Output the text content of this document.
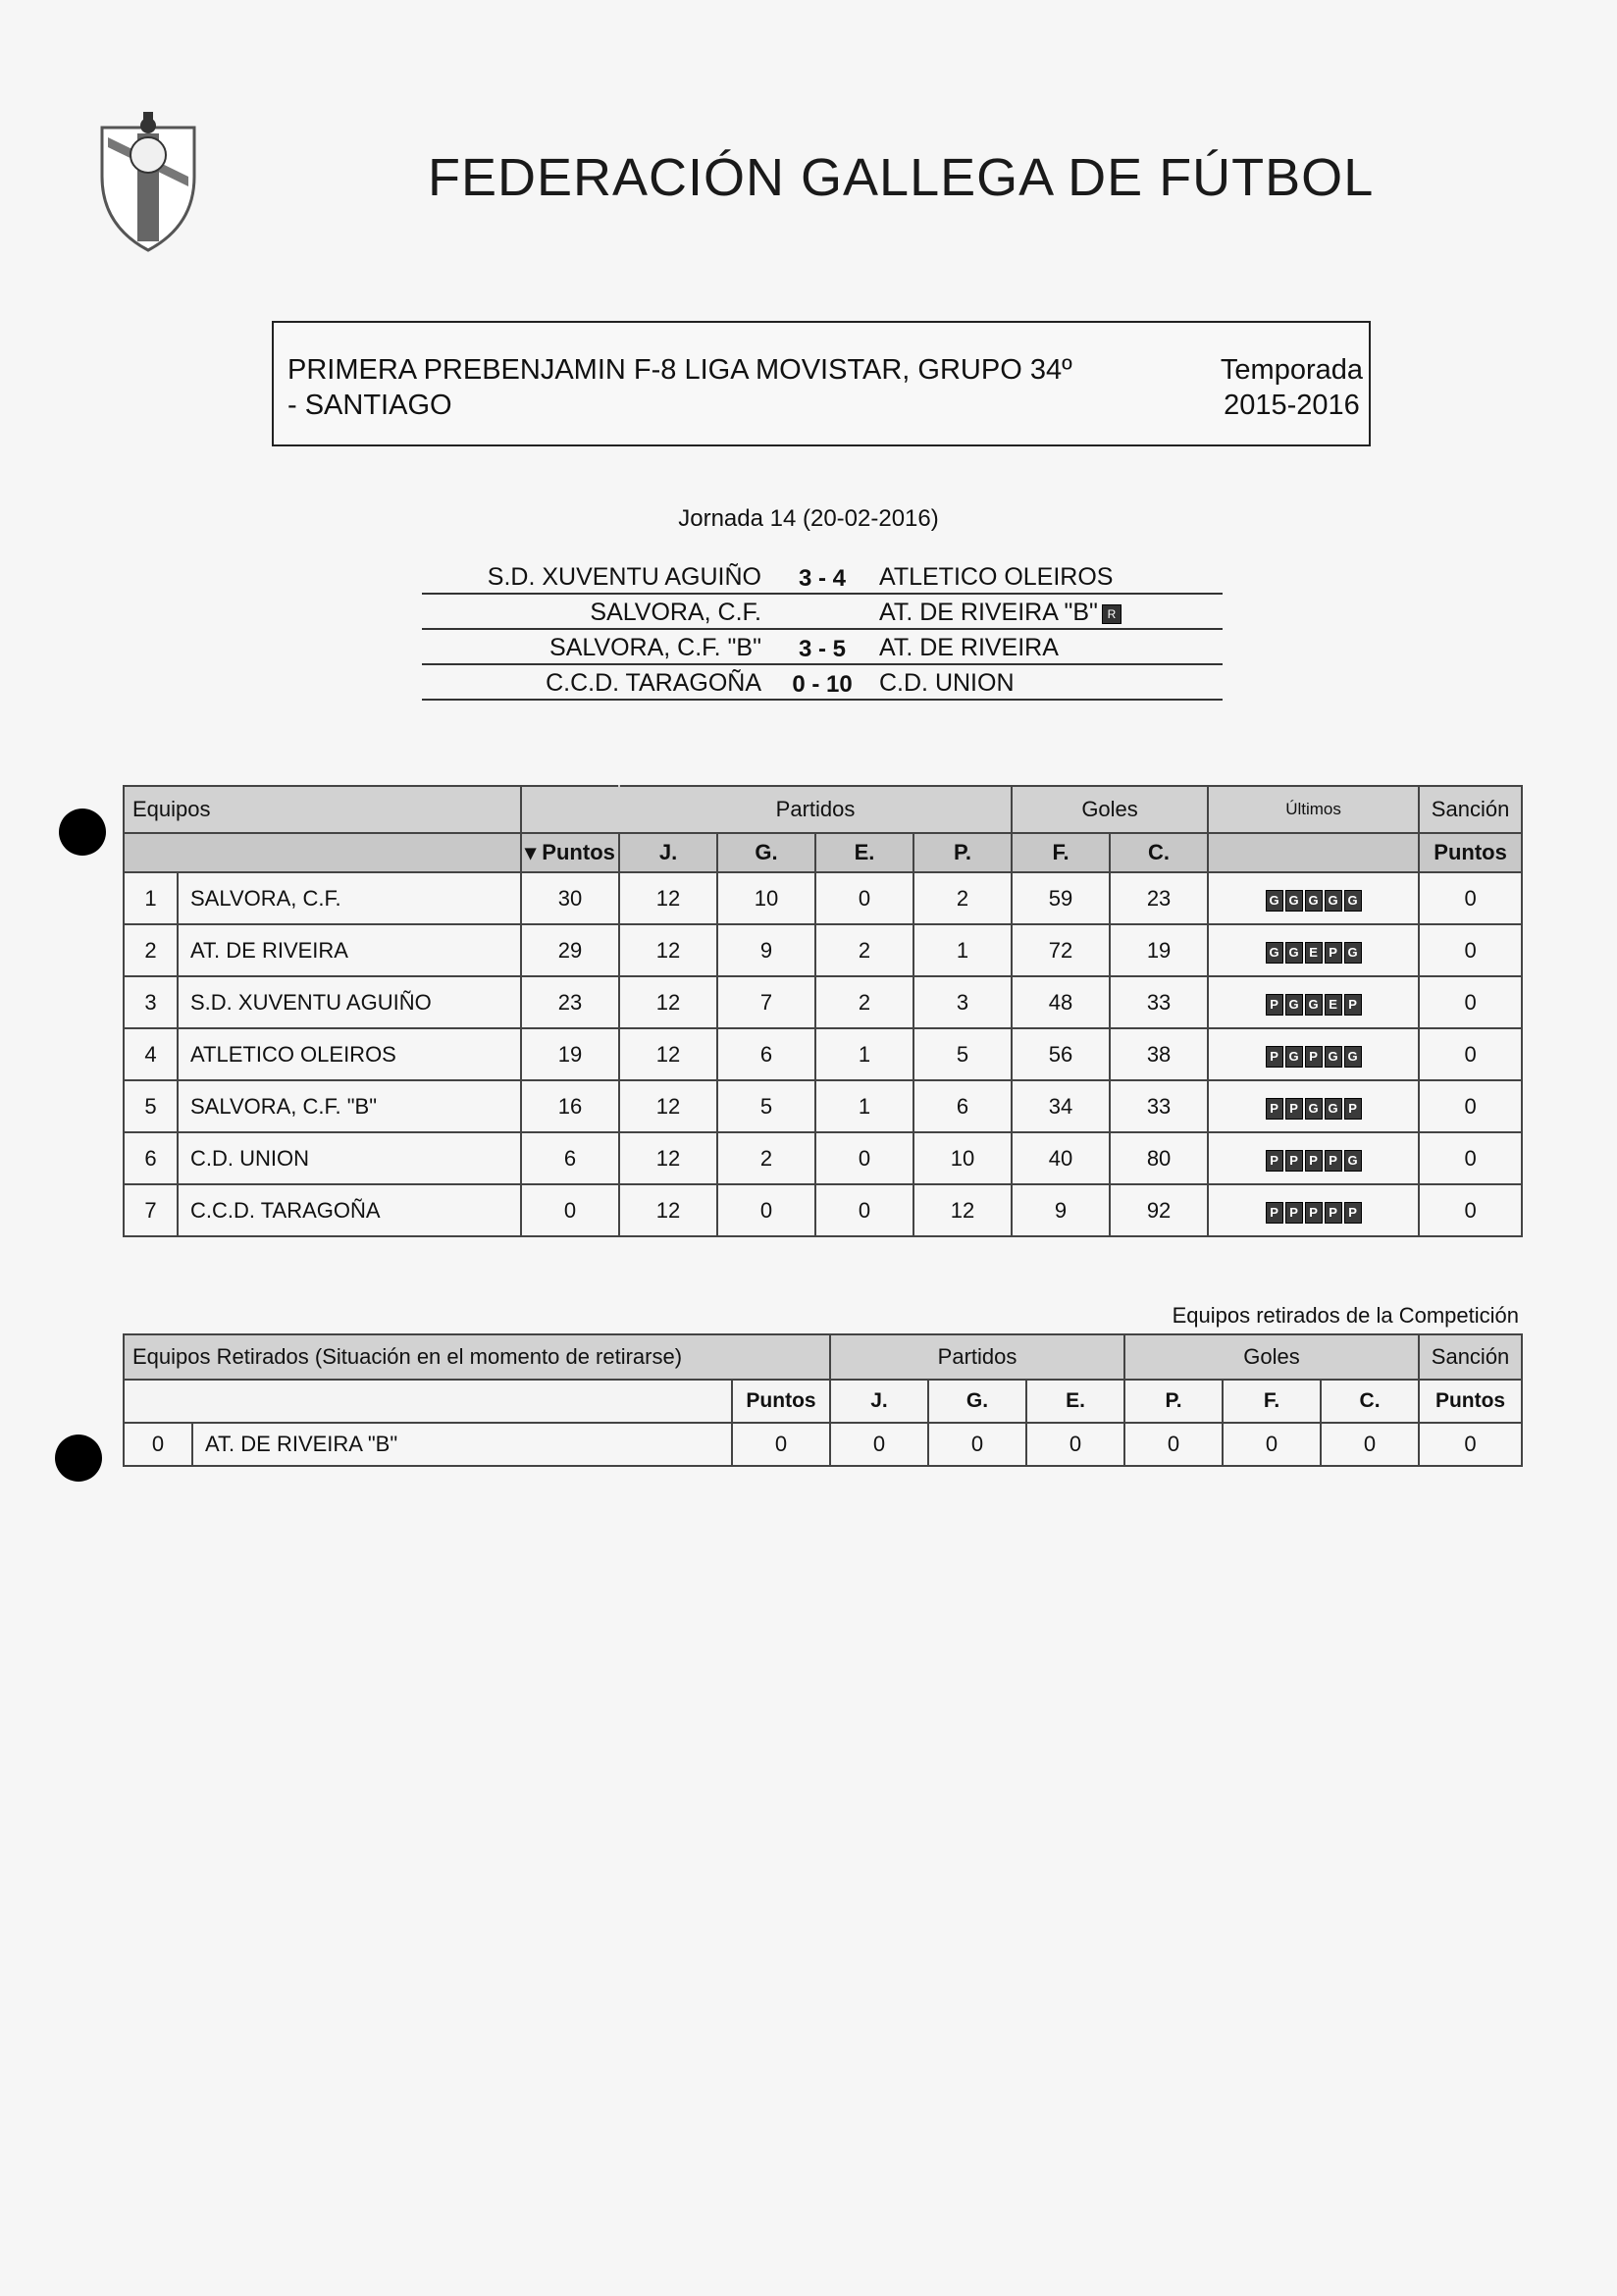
FEDERACIÓN GALLEGA DE FÚTBOL
PRIMERA PREBENJAMIN F-8 LIGA MOVISTAR, GRUPO 34º
- SANTIAGO
Temporada
2015-2016
Jornada 14 (20-02-2016)
S.D. XUVENTU AGUIÑO	3 - 4	ATLETICO OLEIROS
SALVORA, C.F.	AT. DE RIVEIRA "B" R
SALVORA, C.F. "B"	3 - 5	AT. DE RIVEIRA
C.C.D. TARAGOÑA	0 - 10	C.D. UNION
Equipos			Partidos				Goles		Últimos	Sanción
		▾ Puntos	J.	G.	E.	P.	F.	C.		Puntos
1	SALVORA, C.F.	30	12	10	0	2	59	23	G G G G G	0
2	AT. DE RIVEIRA	29	12	9	2	1	72	19	G G E P G	0
3	S.D. XUVENTU AGUIÑO	23	12	7	2	3	48	33	P G G E P	0
4	ATLETICO OLEIROS	19	12	6	1	5	56	38	P G P G G	0
5	SALVORA, C.F. "B"	16	12	5	1	6	34	33	P P G G P	0
6	C.D. UNION	6	12	2	0	10	40	80	P P P P G	0
7	C.C.D. TARAGOÑA	0	12	0	0	12	9	92	P P P P P	0
Equipos retirados de la Competición
Equipos Retirados (Situación en el momento de retirarse)			Partidos			Goles			Sanción
		Puntos	J.	G.	E.	P.	F.	C.	Puntos
0	AT. DE RIVEIRA "B"	0	0	0	0	0	0	0	0
